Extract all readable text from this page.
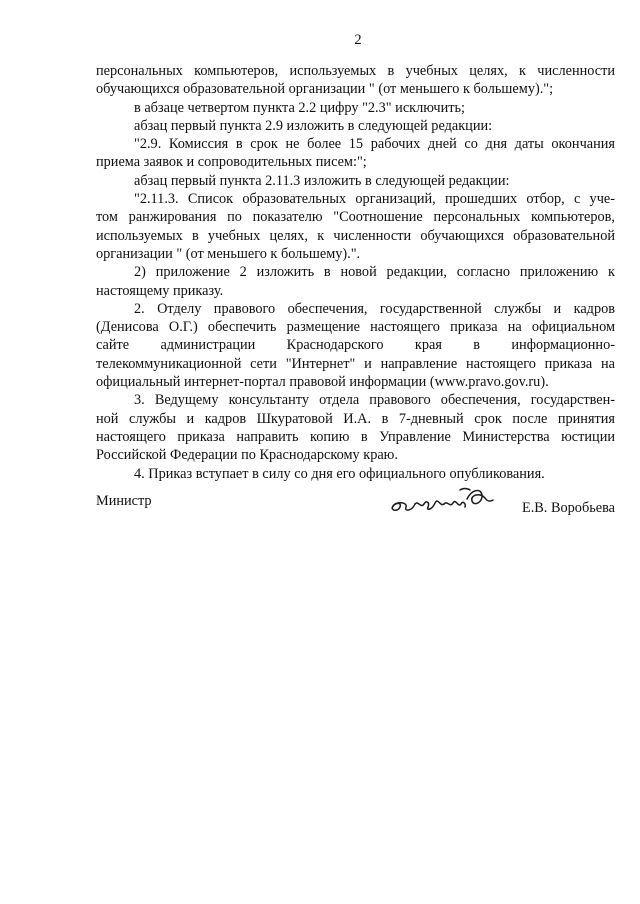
2

персональных компьютеров, используемых в учебных целях, к численности
обучающихся образовательной организации " (от меньшего к большему).";

в абзаце четвертом пункта 2.2 цифру "2.3" исключить;

абзац первый пункта 2.9 изложить в следующей редакции:

"2.9. Комиссия в срок не более 15 рабочих дней со дня даты окончания
приема заявок и сопроводительных писем:";

абзац первый пункта 2.11.3 изложить в следующей редакции:

"2.11.3. Список образовательных организаций, прошедших отбор, с уче-
том ранжирования по показателю "Соотношение персональных компьютеров,
используемых в учебных целях, к численности обучающихся образовательной
организации " (от меньшего к большему).".

2) приложение 2 изложить в новой редакции, согласно приложению к
настоящему приказу.

2. Отделу правового обеспечения, государственной службы и кадров
(Денисова О.Г.) обеспечить размещение настоящего приказа на официальном
сайте администрации Краснодарского края в информационно-
телекоммуникационной сети "Интернет" и направление настоящего приказа на
официальный интернет-портал правовой информации (www.pravo.gov.ru).

3. Ведущему консультанту отдела правового обеспечения, государствен-
ной службы и кадров Шкуратовой И.А. в 7-дневный срок после принятия
настоящего приказа направить копию в Управление Министерства юстиции
Российской Федерации по Краснодарскому краю.

4. Приказ вступает в силу со дня его официального опубликования.

Министр	Е.В. Воробьева
